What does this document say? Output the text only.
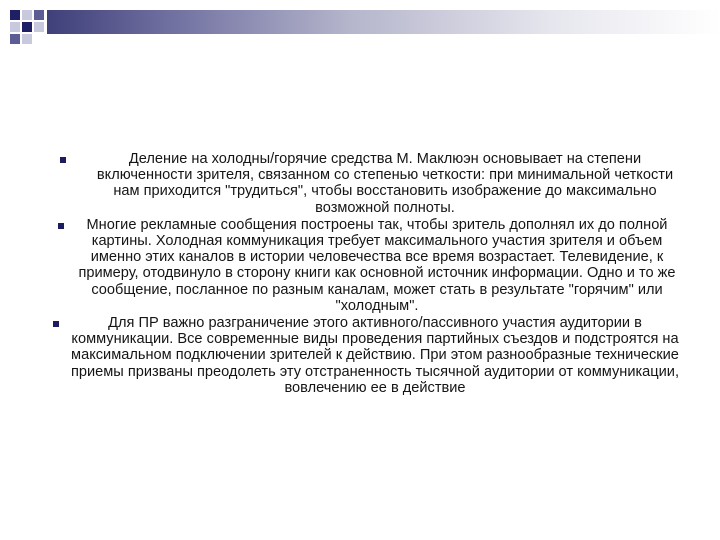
Деление на холодны/горячие средства М. Маклюэн основывает на степени включенности зрителя, связанном со степенью четкости: при минимальной четкости нам приходится "трудиться", чтобы восстановить изображение до максимально возможной полноты.
Многие рекламные сообщения построены так, чтобы зритель дополнял их до полной картины. Холодная коммуникация требует максимального участия зрителя и объем именно этих каналов в истории человечества все время возрастает. Телевидение, к примеру, отодвинуло в сторону книги как основной источник информации. Одно и то же сообщение, посланное по разным каналам, может стать в результате "горячим" или "холодным".
Для ПР важно разграничение этого активного/пассивного участия аудитории в коммуникации. Все современные виды проведения партийных съездов и подстроятся на максимальном подключении зрителей к действию. При этом разнообразные технические приемы призваны преодолеть эту отстраненность тысячной аудитории от коммуникации, вовлечению ее в действие
